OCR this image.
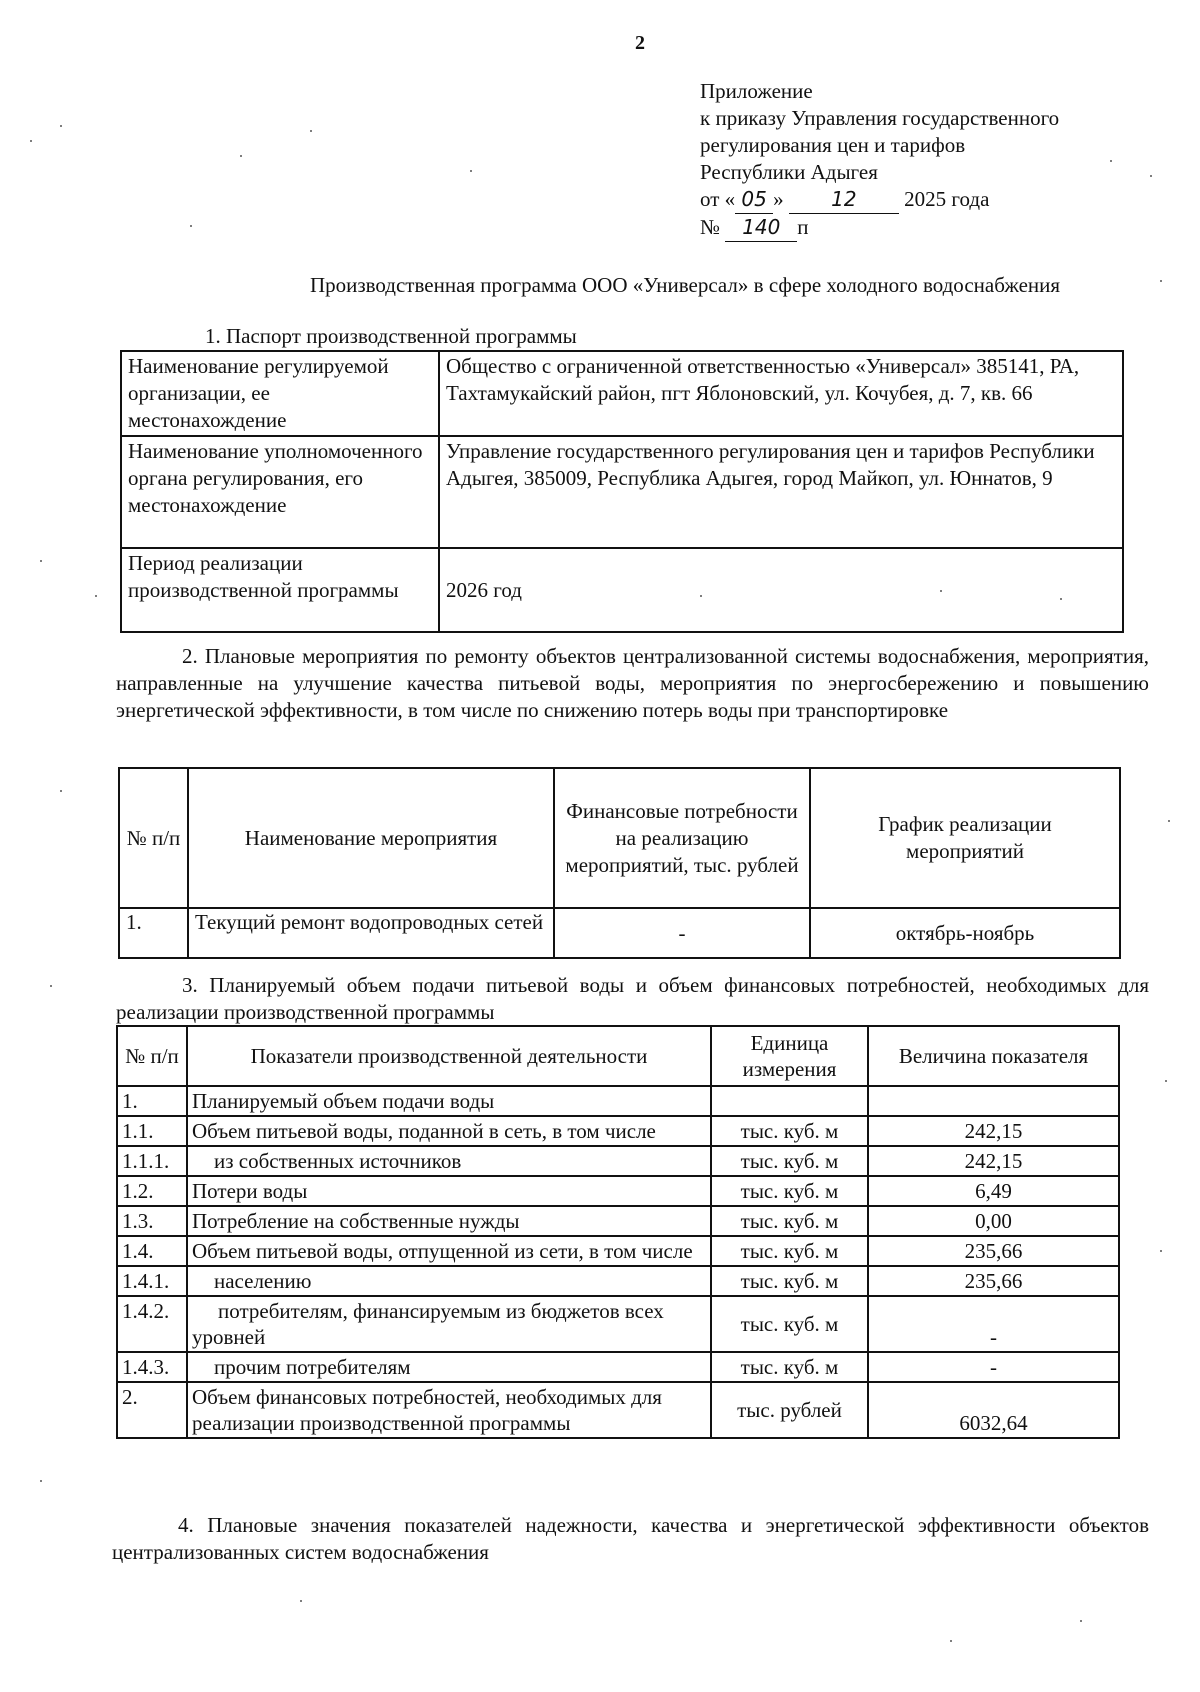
2
Приложение
к приказу Управления государственного
регулирования цен и тарифов
Республики Адыгея
от « 05 » 12 2025 года
№ 140 п
Производственная программа ООО «Универсал» в сфере холодного водоснабжения
1. Паспорт производственной программы
Наименование регулируемой организации, ее местонахождение	Общество с ограниченной ответственностью «Универсал» 385141, РА, Тахтамукайский район, пгт Яблоновский, ул. Кочубея, д. 7, кв. 66
Наименование уполномоченного органа регулирования, его местонахождение	Управление государственного регулирования цен и тарифов Республики Адыгея, 385009, Республика Адыгея, город Майкоп, ул. Юннатов, 9
Период реализации производственной программы	2026 год
2. Плановые мероприятия по ремонту объектов централизованной системы водоснабжения, мероприятия, направленные на улучшение качества питьевой воды, мероприятия по энергосбережению и повышению энергетической эффективности, в том числе по снижению потерь воды при транспортировке
№ п/п	Наименование мероприятия	Финансовые потребности на реализацию мероприятий, тыс. рублей	График реализации мероприятий
1.	Текущий ремонт водопроводных сетей	-	октябрь-ноябрь
3. Планируемый объем подачи питьевой воды и объем финансовых потребностей, необходимых для реализации производственной программы
№ п/п	Показатели производственной деятельности	Единица измерения	Величина показателя
1.	Планируемый объем подачи воды		
1.1.	Объем питьевой воды, поданной в сеть, в том числе	тыс. куб. м	242,15
1.1.1.	из собственных источников	тыс. куб. м	242,15
1.2.	Потери воды	тыс. куб. м	6,49
1.3.	Потребление на собственные нужды	тыс. куб. м	0,00
1.4.	Объем питьевой воды, отпущенной из сети, в том числе	тыс. куб. м	235,66
1.4.1.	населению	тыс. куб. м	235,66
1.4.2.	потребителям, финансируемым из бюджетов всех уровней	тыс. куб. м	-
1.4.3.	прочим потребителям	тыс. куб. м	-
2.	Объем финансовых потребностей, необходимых для реализации производственной программы	тыс. рублей	6032,64
4. Плановые значения показателей надежности, качества и энергетической эффективности объектов централизованных систем водоснабжения
